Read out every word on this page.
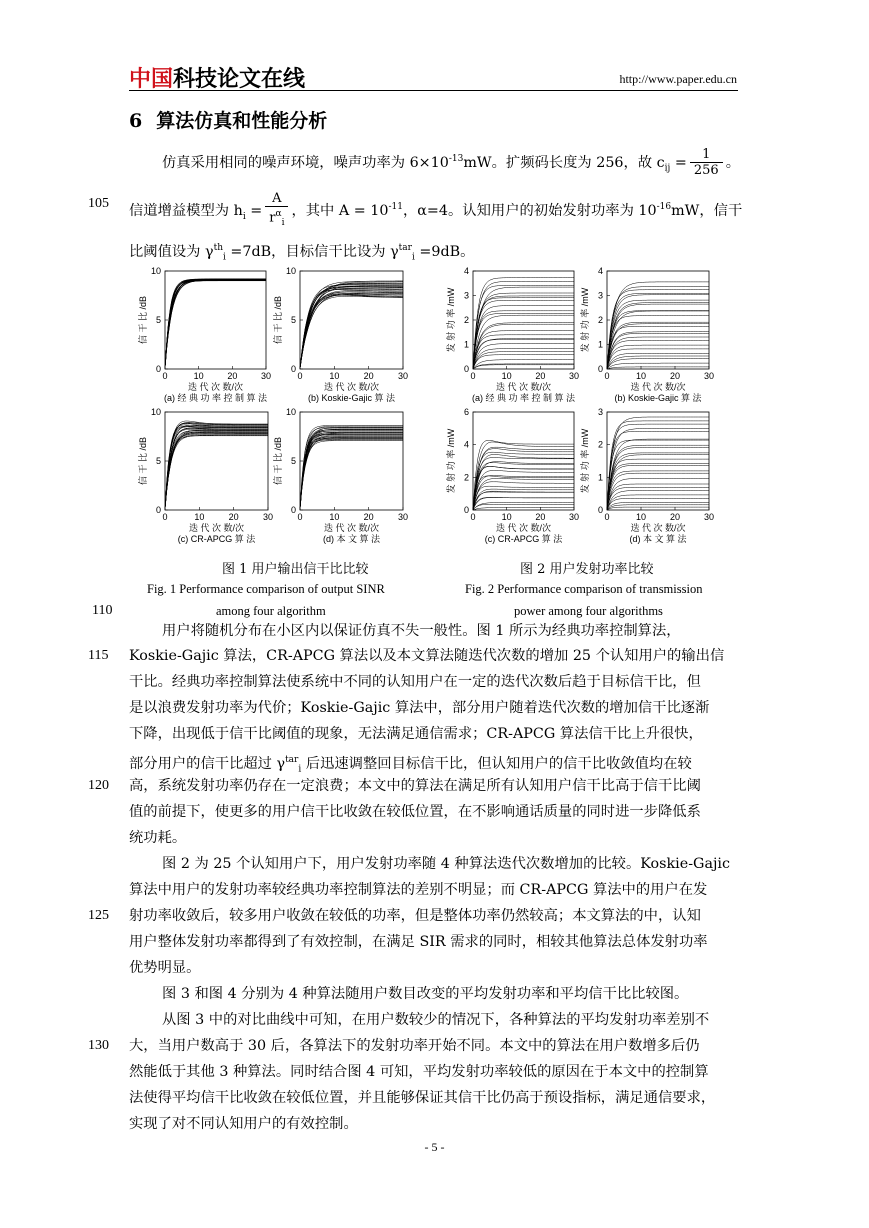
中国科技论文在线	http://www.paper.edu.cn
6 算法仿真和性能分析
仿真采用相同的噪声环境，噪声功率为 $6\times 10^{-13}mW$。扩频码长度为 256，故 $c_{ij} = \frac{1}{256}$ 。
105 信道增益模型为 $h_i = \frac{A}{r^\alpha_i}$ ，其中 $A = 10^{-11}$，α=4。认知用户的初始发射功率为 $10^{-16}mW$，信干
比阈值设为 $\gamma^{th}_i =7dB$，目标信干比设为 $\gamma^{tar}_i =9dB$。
0	10	20	30
0
5
10
信 干 比 /dB
迭 代 次 数/次
(a) 经 典 功 率 控 制 算 法
0	10	20	30
0
5
10
信 干 比 /dB
迭 代 次 数/次
(b) Koskie-Gajic 算 法
0	10	20	30
0
5
10
信 干 比 /dB
迭 代 次 数/次
(c) CR-APCG 算 法
0	10	20	30
0
5
10
信 干 比 /dB
迭 代 次 数/次
(d) 本 文 算 法
0	10	20	30
0
1
2
3
4
发 射 功 率 /mW
迭 代 次 数/次
(a) 经 典 功 率 控 制 算 法
0	10	20	30
0
1
2
3
4
发 射 功 率 /mW
迭 代 次 数/次
(b) Koskie-Gajic 算 法
0	10	20	30
0
2
4
6
发 射 功 率 /mW
迭 代 次 数/次
(c) CR-APCG 算 法
0	10	20	30
0
1
2
3
发 射 功 率 /mW
迭 代 次 数/次
(d) 本 文 算 法
图 1 用户输出信干比比较	图 2 用户发射功率比较
Fig. 1 Performance comparison of output SINR	Fig. 2 Performance comparison of transmission
110	among four algorithm	power among four algorithms
用户将随机分布在小区内以保证仿真不失一般性。图 1 所示为经典功率控制算法，
115 Koskie-Gajic 算法，CR-APCG 算法以及本文算法随迭代次数的增加 25 个认知用户的输出信
干比。经典功率控制算法使系统中不同的认知用户在一定的迭代次数后趋于目标信干比，但
是以浪费发射功率为代价；Koskie-Gajic 算法中，部分用户随着迭代次数的增加信干比逐渐
下降，出现低于信干比阈值的现象，无法满足通信需求；CR-APCG 算法信干比上升很快，
部分用户的信干比超过 $\gamma^{tar}_i$ 后迅速调整回目标信干比，但认知用户的信干比收敛值均在较
120 高，系统发射功率仍存在一定浪费；本文中的算法在满足所有认知用户信干比高于信干比阈
值的前提下，使更多的用户信干比收敛在较低位置，在不影响通话质量的同时进一步降低系
统功耗。
图 2 为 25 个认知用户下，用户发射功率随 4 种算法迭代次数增加的比较。Koskie-Gajic
算法中用户的发射功率较经典功率控制算法的差别不明显；而 CR-APCG 算法中的用户在发
125 射功率收敛后，较多用户收敛在较低的功率，但是整体功率仍然较高；本文算法的中，认知
用户整体发射功率都得到了有效控制，在满足 SIR 需求的同时，相较其他算法总体发射功率
优势明显。
图 3 和图 4 分别为 4 种算法随用户数目改变的平均发射功率和平均信干比比较图。
从图 3 中的对比曲线中可知，在用户数较少的情况下，各种算法的平均发射功率差别不
130 大，当用户数高于 30 后，各算法下的发射功率开始不同。本文中的算法在用户数增多后仍
然能低于其他 3 种算法。同时结合图 4 可知，平均发射功率较低的原因在于本文中的控制算
法使得平均信干比收敛在较低位置，并且能够保证其信干比仍高于预设指标，满足通信要求，
实现了对不同认知用户的有效控制。
- 5 -
